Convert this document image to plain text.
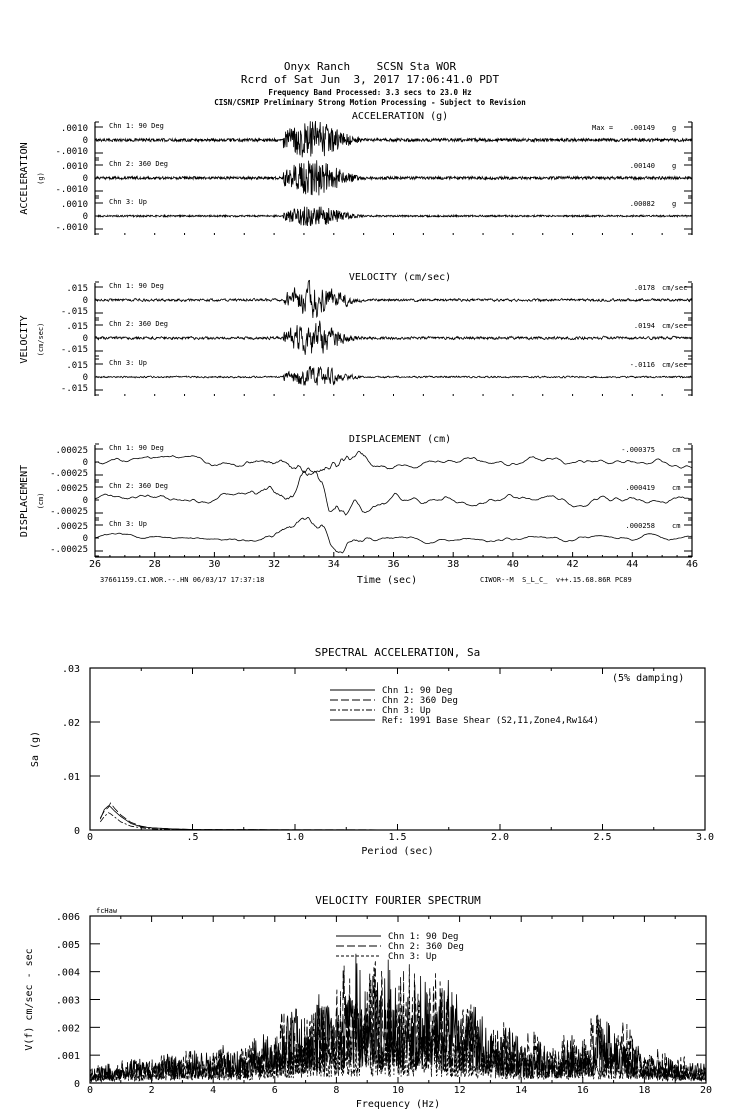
Onyx Ranch    SCSN Sta WOR
Rcrd of Sat Jun  3, 2017 17:06:41.0 PDT
Frequency Band Processed: 3.3 secs to 23.0 Hz
CISN/CSMIP Preliminary Strong Motion Processing - Subject to Revision
ACCELERATION (g)
ACCELERATION (g)
.0010
0
-.0010
Chn 1: 90 Deg	Max = .00149 g
.0010
0
-.0010
Chn 2: 360 Deg	.00140 g
.0010
0
-.0010
Chn 3: Up	.00082 g
VELOCITY (cm/sec)
VELOCITY (cm/sec)
.015
0
-.015
Chn 1: 90 Deg	.0178 cm/sec
.015
0
-.015
Chn 2: 360 Deg	.0194 cm/sec
.015
0
-.015
Chn 3: Up	-.0116 cm/sec
DISPLACEMENT (cm)
DISPLACEMENT (cm)
26	28	30	32	34	36	38	40	42	44	46
.00025
0
-.00025
Chn 1: 90 Deg	-.000375 cm
.00025
0
-.00025
Chn 2: 360 Deg	.000419 cm
.00025
0
-.00025
Chn 3: Up	.000258 cm
SPECTRAL ACCELERATION, Sa
0	.5	1.0	1.5	2.0	2.5	3.0
0
.01
.02
.03
Period (sec)
Sa (g)
Chn 1: 90 Deg
Chn 2: 360 Deg
Chn 3: Up
Ref: 1991 Base Shear (S2,I1,Zone4,Rw1&4)
(5% damping)
VELOCITY FOURIER SPECTRUM
0	2	4	6	8	10	12	14	16	18	20
0
.001
.002
.003
.004
.005
.006
Frequency (Hz)
V(f) cm/sec - sec
Chn 1: 90 Deg
Chn 2: 360 Deg
Chn 3: Up
fcHaw
37661159.CI.WOR.--.HN 06/03/17 17:37:18	Time (sec)	CIWOR--M  S_L_C_  v++.15.68.86R PC89
